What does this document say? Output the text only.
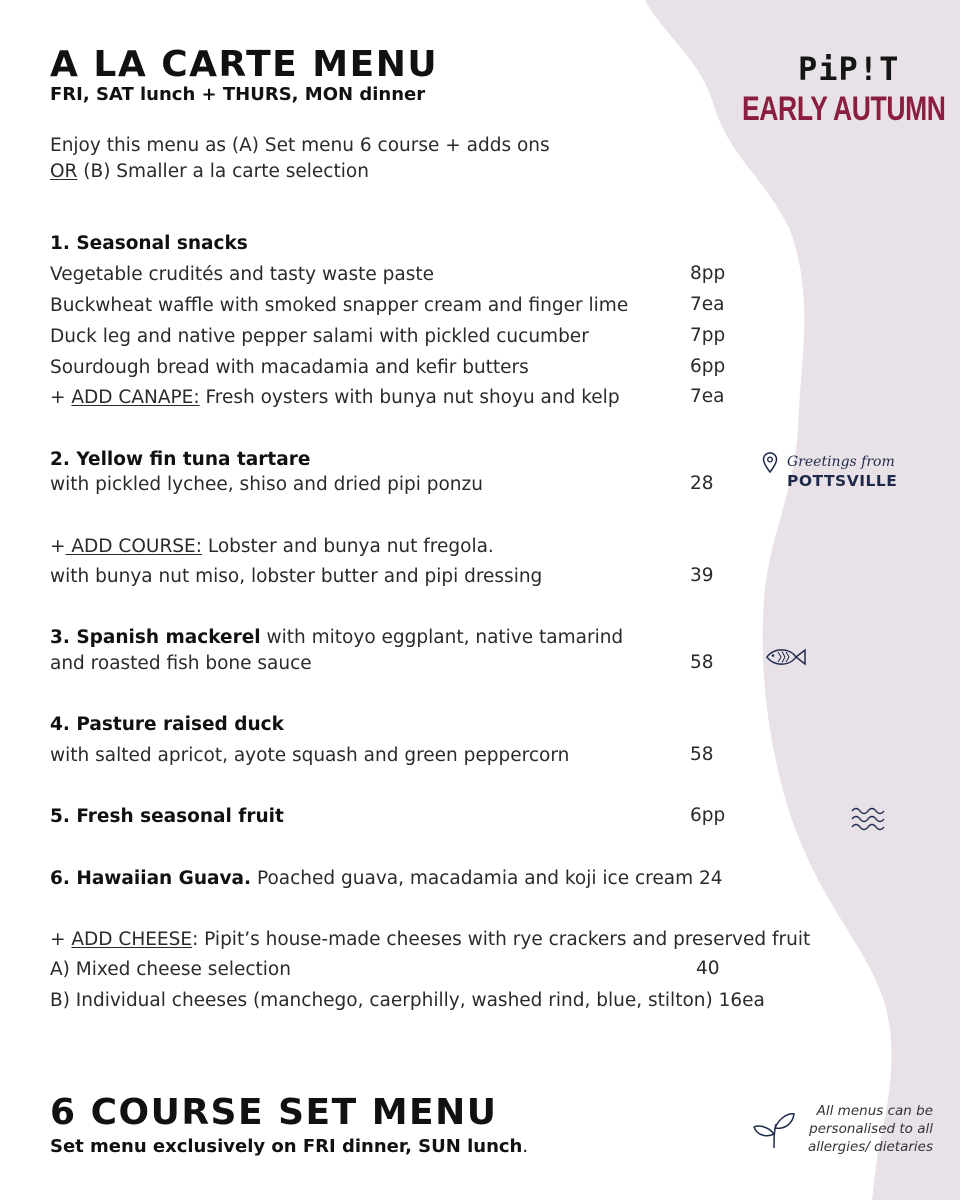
A LA CARTE MENU
FRI, SAT lunch + THURS, MON dinner
Enjoy this menu as (A) Set menu 6 course + adds ons
OR (B) Smaller a la carte selection
PiP!T
EARLY AUTUMN
1. Seasonal snacks
Vegetable crudités and tasty waste paste	8pp
Buckwheat waffle with smoked snapper cream and finger lime	7ea
Duck leg and native pepper salami with pickled cucumber	7pp
Sourdough bread with macadamia and kefir butters	6pp
+ ADD CANAPE: Fresh oysters with bunya nut shoyu and kelp	7ea
2. Yellow fin tuna tartare
with pickled lychee, shiso and dried pipi ponzu	28
Greetings from
POTTSVILLE
+ ADD COURSE: Lobster and bunya nut fregola.
with bunya nut miso, lobster butter and pipi dressing	39
3. Spanish mackerel with mitoyo eggplant, native tamarind
and roasted fish bone sauce	58
4. Pasture raised duck
with salted apricot, ayote squash and green peppercorn	58
5. Fresh seasonal fruit	6pp
6. Hawaiian Guava. Poached guava, macadamia and koji ice cream 24
+ ADD CHEESE: Pipit’s house-made cheeses with rye crackers and preserved fruit
A) Mixed cheese selection	40
B) Individual cheeses (manchego, caerphilly, washed rind, blue, stilton) 16ea
6 COURSE SET MENU
Set menu exclusively on FRI dinner, SUN lunch.
All menus can be personalised to all allergies/ dietaries
